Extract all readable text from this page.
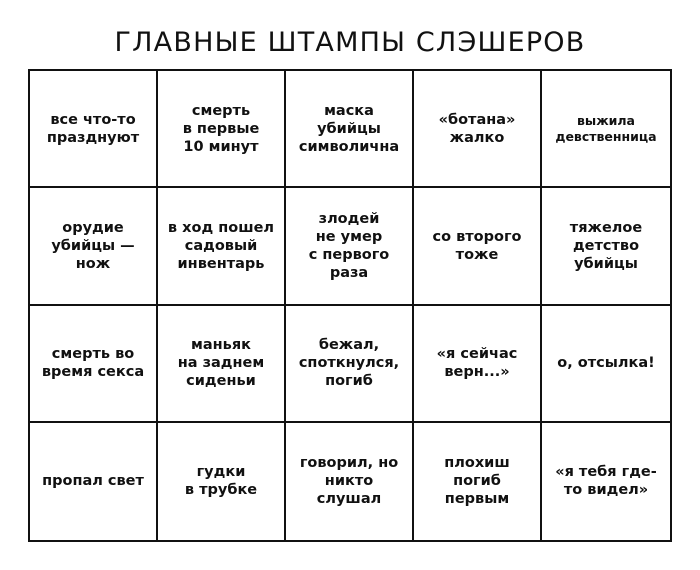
ГЛАВНЫЕ ШТАМПЫ СЛЭШЕРОВ
все что-то
празднуют
смерть
в первые
10 минут
маска
убийцы
символична
«ботана»
жалко
выжила
девственница
орудие
убийцы —
нож
в ход пошел
садовый
инвентарь
злодей
не умер
с первого
раза
со второго
тоже
тяжелое
детство
убийцы
смерть во
время секса
маньяк
на заднем
сиденьи
бежал,
споткнулся,
погиб
«я сейчас
верн...»
о, отсылка!
пропал свет
гудки
в трубке
говорил, но
никто
слушал
плохиш
погиб
первым
«я тебя где-
то видел»
